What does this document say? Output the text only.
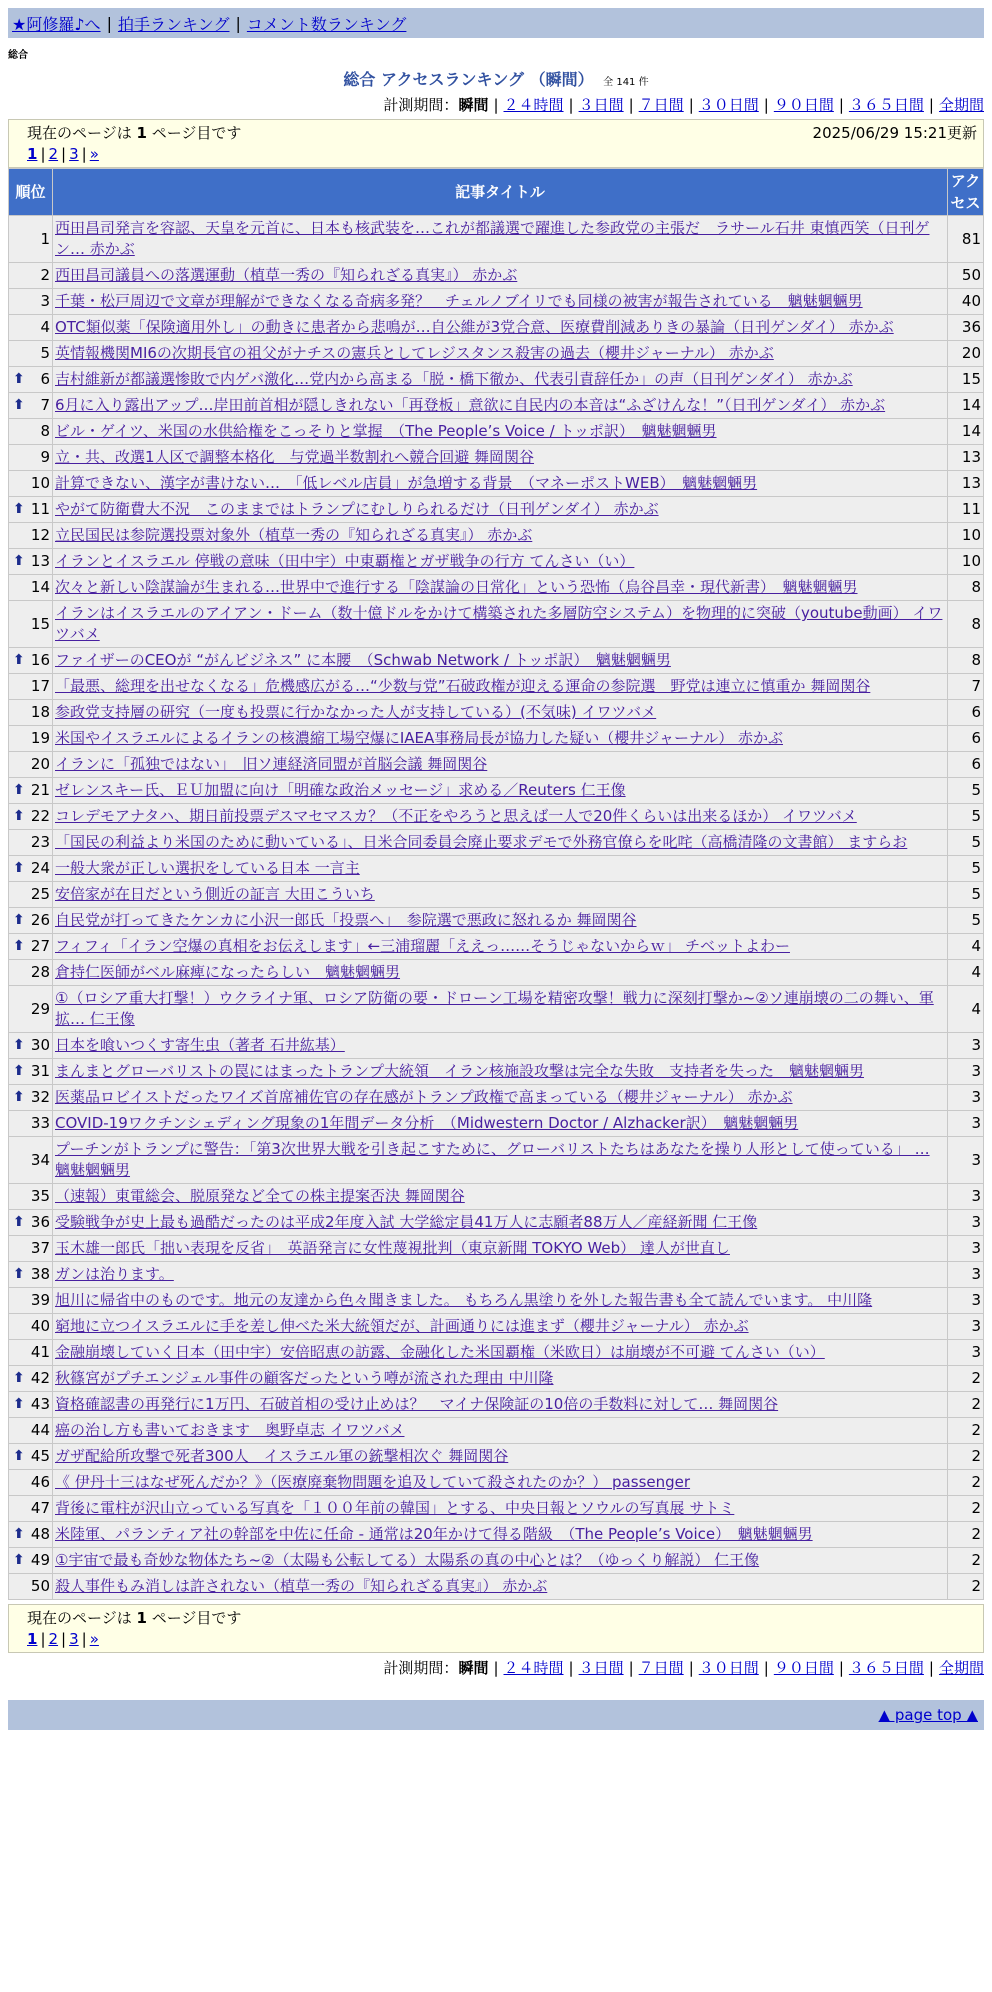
★阿修羅♪へ | 拍手ランキング | コメント数ランキング
総合
総合 アクセスランキング （瞬間） 全 141 件
計測期間：瞬間 | ２４時間 | ３日間 | ７日間 | ３０日間 | ９０日間 | ３６５日間 | 全期間
現在のページは 1 ページ目です	2025/06/29 15:21更新
1 | 2 | 3 | »
順位	記事タイトル	アクセス
1	西田昌司発言を容認、天皇を元首に、日本も核武装を…これが都議選で躍進した参政党の主張だ　ラサール石井 東慎西笑（日刊ゲン… 赤かぶ	81
2	西田昌司議員への落選運動（植草一秀の『知られざる真実』） 赤かぶ	50
3	千葉・松戸周辺で文章が理解ができなくなる奇病多発？　チェルノブイリでも同様の被害が報告されている　魑魅魍魎男	40
4	OTC類似薬「保険適用外し」の動きに患者から悲鳴が…自公維が3党合意、医療費削減ありきの暴論（日刊ゲンダイ） 赤かぶ	36
5	英情報機関MI6の次期長官の祖父がナチスの憲兵としてレジスタンス殺害の過去（櫻井ジャーナル） 赤かぶ	20

⬆ 6	吉村維新が都議選惨敗で内ゲバ激化…党内から高まる「脱・橋下徹か、代表引責辞任か」の声（日刊ゲンダイ） 赤かぶ	15

⬆ 7	6月に入り露出アップ…岸田前首相が隠しきれない「再登板」意欲に自民内の本音は“ふざけんな！”（日刊ゲンダイ） 赤かぶ	14
8	ビル・ゲイツ、米国の水供給権をこっそりと掌握　（The People’s Voice / トッポ訳）　魑魅魍魎男	14
9	立・共、改選1人区で調整本格化　与党過半数割れへ競合回避 舞岡関谷	13
10	計算できない、漢字が書けない…　「低レベル店員」が急増する背景　（マネーポストWEB）　魑魅魍魎男	13

⬆ 11	やがて防衛費大不況　このままではトランプにむしりられるだけ（日刊ゲンダイ） 赤かぶ	11
12	立民国民は参院選投票対象外（植草一秀の『知られざる真実』） 赤かぶ	10

⬆ 13	イランとイスラエル 停戦の意味（田中宇）中東覇権とガザ戦争の行方 てんさい（い）	10
14	次々と新しい陰謀論が生まれる…世界中で進行する「陰謀論の日常化」という恐怖（烏谷昌幸・現代新書）　魑魅魍魎男	8
15	イランはイスラエルのアイアン・ドーム（数十億ドルをかけて構築された多層防空システム）を物理的に突破（youtube動画） イワツバメ	8

⬆ 16	ファイザーのCEOが “がんビジネス” に本腰　（Schwab Network / トッポ訳）　魑魅魍魎男	8
17	「最悪、総理を出せなくなる」危機感広がる…“少数与党”石破政権が迎える運命の参院選　野党は連立に慎重か 舞岡関谷	7
18	参政党支持層の研究（一度も投票に行かなかった人が支持している）(不気味) イワツバメ	6
19	米国やイスラエルによるイランの核濃縮工場空爆にIAEA事務局長が協力した疑い（櫻井ジャーナル） 赤かぶ	6
20	イランに「孤独ではない」　旧ソ連経済同盟が首脳会議 舞岡関谷	6

⬆ 21	ゼレンスキー氏、ＥＵ加盟に向け「明確な政治メッセージ」求める／Reuters 仁王像	5

⬆ 22	コレデモアナタハ、期日前投票デスマセマスカ？（不正をやろうと思えば一人で20件くらいは出来るほか） イワツバメ	5
23	「国民の利益より米国のために動いている」、日米合同委員会廃止要求デモで外務官僚らを叱咤（高橋清隆の文書館） ますらお	5

⬆ 24	一般大衆が正しい選択をしている日本 一言主	5
25	安倍家が在日だという側近の証言 大田こういち	5

⬆ 26	自民党が打ってきたケンカに小沢一郎氏「投票へ」　参院選で悪政に怒れるか 舞岡関谷	5

⬆ 27	フィフィ「イラン空爆の真相をお伝えします」←三浦瑠麗「ええっ……そうじゃないからｗ」 チベットよわー	4
28	倉持仁医師がベル麻痺になったらしい　魑魅魍魎男	4
29	①（ロシア重大打撃！）ウクライナ軍、ロシア防衛の要・ドローン工場を精密攻撃！戦力に深刻打撃か~②ソ連崩壊の二の舞い、軍拡… 仁王像	4

⬆ 30	日本を喰いつくす寄生虫（著者 石井紘基）	3

⬆ 31	まんまとグローバリストの罠にはまったトランプ大統領　イラン核施設攻撃は完全な失敗　支持者を失った　魑魅魍魎男	3

⬆ 32	医薬品ロビイストだったワイズ首席補佐官の存在感がトランプ政権で高まっている（櫻井ジャーナル） 赤かぶ	3
33	COVID-19ワクチンシェディング現象の1年間データ分析　（Midwestern Doctor / Alzhacker訳）　魑魅魍魎男	3
34	プーチンがトランプに警告：「第3次世界大戦を引き起こすために、グローバリストたちはあなたを操り人形として使っている」 … 魑魅魍魎男	3
35	（速報）東電総会、脱原発など全ての株主提案否決 舞岡関谷	3

⬆ 36	受験戦争が史上最も過酷だったのは平成2年度入試 大学総定員41万人に志願者88万人／産経新聞 仁王像	3
37	玉木雄一郎氏「拙い表現を反省」　英語発言に女性蔑視批判（東京新聞 TOKYO Web） 達人が世直し	3

⬆ 38	ガンは治ります。	3
39	旭川に帰省中のものです。地元の友達から色々聞きました。 もちろん黒塗りを外した報告書も全て読んでいます。 中川隆	3
40	窮地に立つイスラエルに手を差し伸べた米大統領だが、計画通りには進まず（櫻井ジャーナル） 赤かぶ	3
41	金融崩壊していく日本（田中宇）安倍昭恵の訪露、金融化した米国覇権（米欧日）は崩壊が不可避 てんさい（い）	3

⬆ 42	秋篠宮がプチエンジェル事件の顧客だったという噂が流された理由 中川隆	2

⬆ 43	資格確認書の再発行に1万円、石破首相の受け止めは？　マイナ保険証の10倍の手数料に対して… 舞岡関谷	2
44	癌の治し方も書いておきます　奥野卓志 イワツバメ	2

⬆ 45	ガザ配給所攻撃で死者300人　イスラエル軍の銃撃相次ぐ 舞岡関谷	2
46	《 伊丹十三はなぜ死んだか？》（医療廃棄物問題を追及していて殺されたのか？） passenger	2
47	背後に電柱が沢山立っている写真を「１００年前の韓国」とする、中央日報とソウルの写真展 サトミ	2

⬆ 48	米陸軍、パランティア社の幹部を中佐に任命 - 通常は20年かけて得る階級　（The People’s Voice）　魑魅魍魎男	2

⬆ 49	①宇宙で最も奇妙な物体たち~②（太陽も公転してる）太陽系の真の中心とは？（ゆっくり解説） 仁王像	2
50	殺人事件もみ消しは許されない（植草一秀の『知られざる真実』） 赤かぶ	2
現在のページは 1 ページ目です
1 | 2 | 3 | »
計測期間：瞬間 | ２４時間 | ３日間 | ７日間 | ３０日間 | ９０日間 | ３６５日間 | 全期間
▲ page top ▲
